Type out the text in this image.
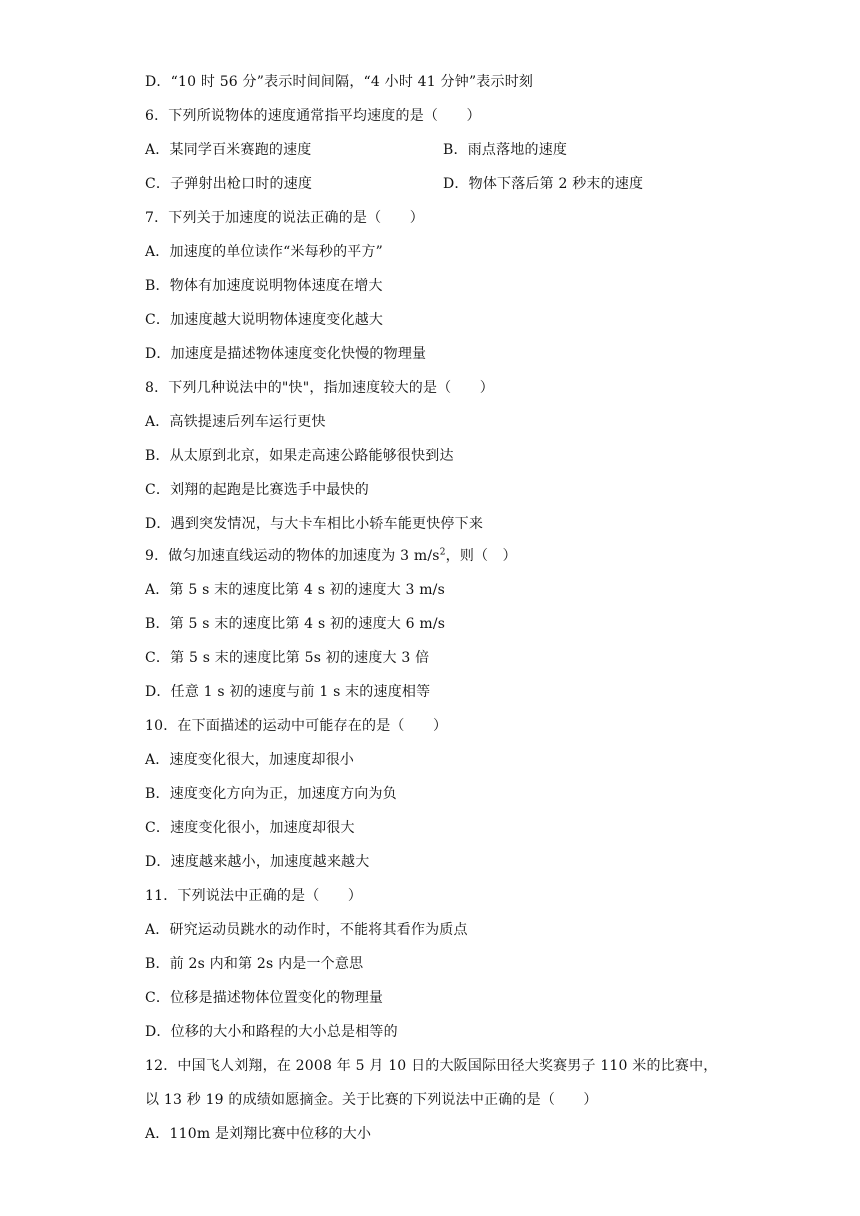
D．“10 时 56 分”表示时间间隔，“4 小时 41 分钟”表示时刻
6．下列所说物体的速度通常指平均速度的是（　　）
A．某同学百米赛跑的速度	B．雨点落地的速度
C．子弹射出枪口时的速度	D．物体下落后第 2 秒末的速度
7．下列关于加速度的说法正确的是（　　）
A．加速度的单位读作“米每秒的平方”
B．物体有加速度说明物体速度在增大
C．加速度越大说明物体速度变化越大
D．加速度是描述物体速度变化快慢的物理量
8．下列几种说法中的"快"，指加速度较大的是（　　）
A．高铁提速后列车运行更快
B．从太原到北京，如果走高速公路能够很快到达
C．刘翔的起跑是比赛选手中最快的
D．遇到突发情况，与大卡车相比小轿车能更快停下来
9．做匀加速直线运动的物体的加速度为 3 $m/s^2$，则（　）
A．第 5 s 末的速度比第 4 s 初的速度大 3 m/s
B．第 5 s 末的速度比第 4 s 初的速度大 6 m/s
C．第 5 s 末的速度比第 5s 初的速度大 3 倍
D．任意 1 s 初的速度与前 1 s 末的速度相等
10．在下面描述的运动中可能存在的是（　　）
A．速度变化很大，加速度却很小
B．速度变化方向为正，加速度方向为负
C．速度变化很小，加速度却很大
D．速度越来越小，加速度越来越大
11．下列说法中正确的是（　　）
A．研究运动员跳水的动作时，不能将其看作为质点
B．前 2s 内和第 2s 内是一个意思
C．位移是描述物体位置变化的物理量
D．位移的大小和路程的大小总是相等的
12．中国飞人刘翔，在 2008 年 5 月 10 日的大阪国际田径大奖赛男子 110 米的比赛中，
以 13 秒 19 的成绩如愿摘金。关于比赛的下列说法中正确的是（　　）
A．110m 是刘翔比赛中位移的大小
